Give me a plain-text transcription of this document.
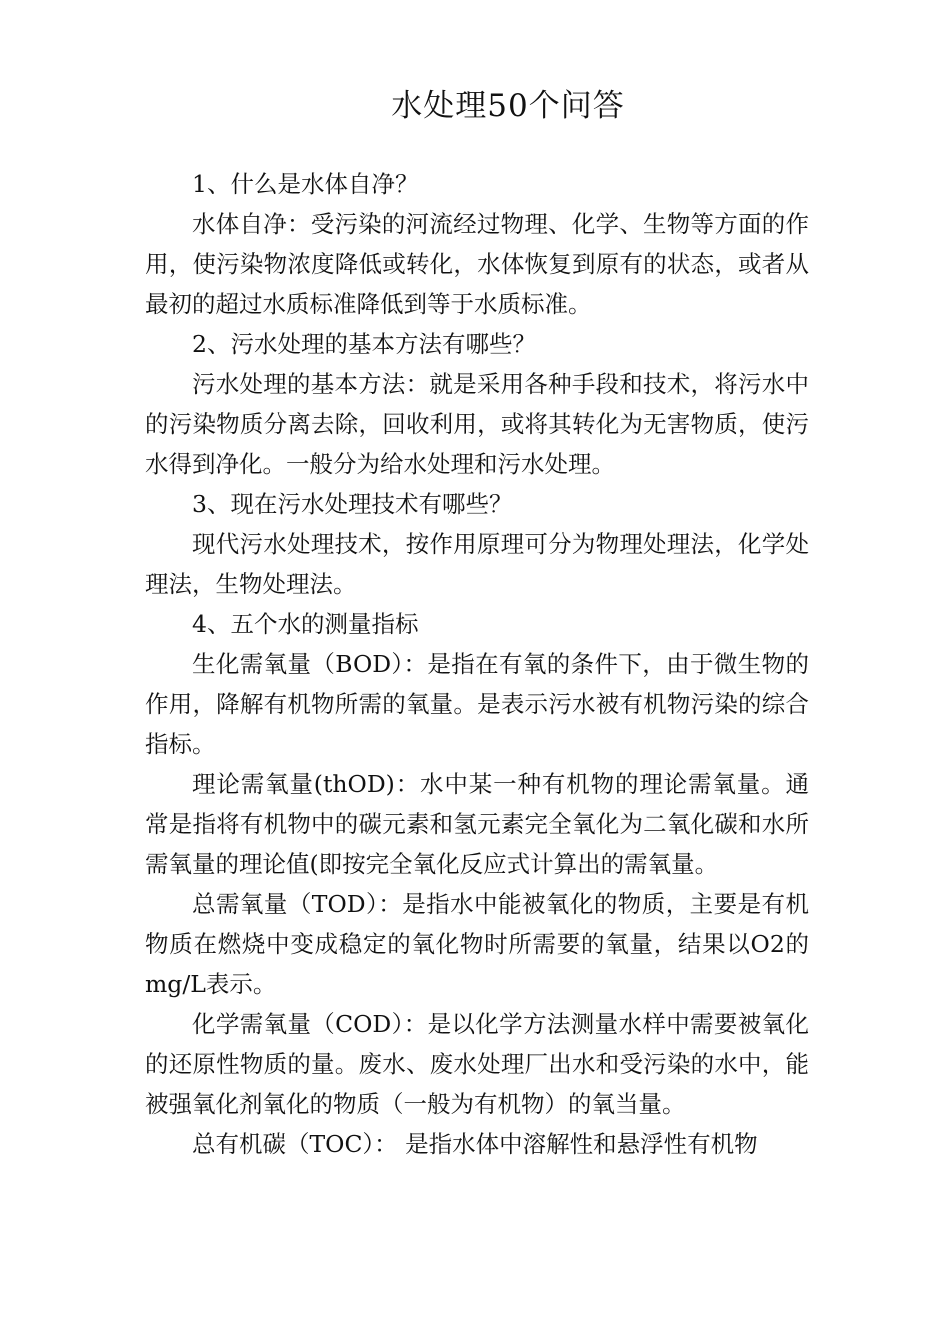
水处理50个问答

1、什么是水体自净？

水体自净：受污染的河流经过物理、化学、生物等方面的作用，使污染物浓度降低或转化，水体恢复到原有的状态，或者从最初的超过水质标准降低到等于水质标准。

2、污水处理的基本方法有哪些？

污水处理的基本方法：就是采用各种手段和技术，将污水中的污染物质分离去除，回收利用，或将其转化为无害物质，使污水得到净化。一般分为给水处理和污水处理。

3、现在污水处理技术有哪些？

现代污水处理技术，按作用原理可分为物理处理法，化学处理法，生物处理法。

4、五个水的测量指标

生化需氧量（BOD）：是指在有氧的条件下，由于微生物的作用，降解有机物所需的氧量。是表示污水被有机物污染的综合指标。

理论需氧量(thOD)：水中某一种有机物的理论需氧量。通常是指将有机物中的碳元素和氢元素完全氧化为二氧化碳和水所需氧量的理论值(即按完全氧化反应式计算出的需氧量。

总需氧量（TOD）：是指水中能被氧化的物质，主要是有机物质在燃烧中变成稳定的氧化物时所需要的氧量，结果以O2的mg/L表示。

化学需氧量（COD）：是以化学方法测量水样中需要被氧化的还原性物质的量。废水、废水处理厂出水和受污染的水中，能被强氧化剂氧化的物质（一般为有机物）的氧当量。

总有机碳（TOC）： 是指水体中溶解性和悬浮性有机物
